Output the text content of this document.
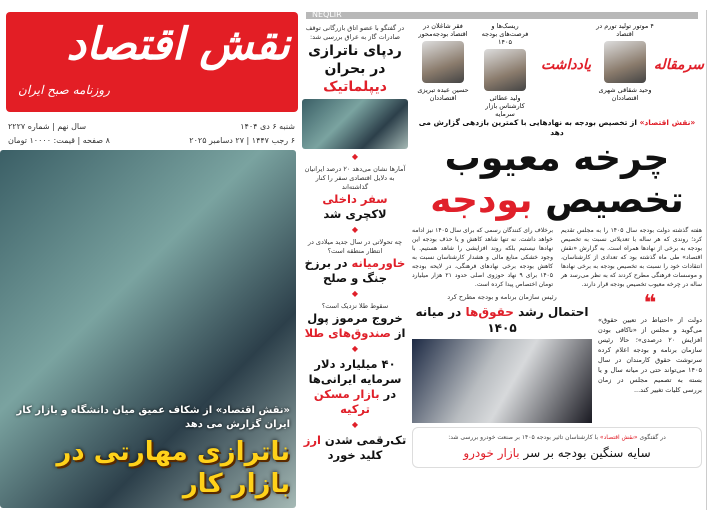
نقش اقتصاد
روزنامه صبح ایران
شنبه ۶ دی ۱۴۰۴
سال نهم | شماره ۲۲۲۷
۶ رجب ۱۴۴۷ | ۲۷ دسامبر ۲۰۲۵
۸ صفحه | قیمت: ۱۰۰۰۰ تومان
«نقش اقتصاد» از شکاف عمیق میان دانشگاه و بازار کار ایران گزارش می دهد
ناترازی مهارتی در بازار کار
NEQLIR
سرمقاله
۴ موتور تولید تورم در اقتصاد
وحید شقاقی شهری
اقتصاددان
یادداشت
ریسک‌ها و فرصت‌های بودجه ۱۴۰۵
ولید عطائی
کارشناس بازار سرمایه
فقر شاغلان در اقتصاد بودجه‌محور
حسین عبده تبریزی
اقتصاددان
در گفتگو با عضو اتاق بازرگانی توقف صادرات گاز به عراق بررسی شد:
ردپای ناترازی
در بحران دیپلماتیک
◆
آمارها نشان می‌دهد ۲۰ درصد ایرانیان به دلایل اقتصادی سفر را کنار گذاشته‌اند
سفر داخلی لاکچری شد
◆
چه تحولاتی در سال جدید میلادی در انتظار منطقه است؟
خاورمیانه در برزخ جنگ و صلح
◆
سقوط طلا نزدیک است؟
خروج مرموز پول از صندوق‌های طلا
◆
۴۰ میلیارد دلار سرمایه ایرانی‌ها در بازار مسکن ترکیه
◆
تک‌رقمی شدن ارز کلید خورد
«نقش اقتصاد» از تخصیص بودجه به نهادهایی با کمترین بازدهی گزارش می دهد
چرخه معیوب
تخصیص بودجه
هفته گذشته دولت بودجه سال ۱۴۰۵ را به مجلس تقدیم کرد؛ روندی که هر ساله با تعدیلاتی نسبت به تخصیص بودجه به برخی از نهادها همراه است. به گزارش «نقش اقتصاد» طی ماه گذشته بود که تعدادی از کارشناسان، انتقادات خود را نسبت به تخصیص بودجه به برخی نهادها و موسسات فرهنگی مطرح کردند که به نظر می‌رسد هر ساله در چرخه معیوب تخصیص بودجه قرار دارند.
برخلاف رای کنندگان رسمی که برای سال ۱۴۰۵ نیز ادامه خواهد داشت. نه تنها شاهد کاهش و یا حذف بودجه این نهادها نیستیم بلکه روند افزایشی را شاهد هستیم. با وجود خشکی منابع مالی و هشدار کارشناسان نسبت به کاهش بودجه برخی نهادهای فرهنگی، در لایحه بودجه ۱۴۰۵ برای ۹ نهاد حوزوی اصلی حدود ۲۱ هزار میلیارد تومان اختصاص پیدا کرده است.
❝
دولت از «احتیاط در تعیین حقوق» می‌گوید و مجلس از «ناکافی بودن افزایش ۲۰ درصدی»؛ حالا رئیس سازمان برنامه و بودجه اعلام کرده سرنوشت حقوق کارمندان در سال ۱۴۰۵ می‌تواند حتی در میانه سال و یا بسته به تصمیم مجلس در زمان بررسی کلیات تغییر کند...
رئیس سازمان برنامه و بودجه مطرح کرد
احتمال رشد حقوق‌ها در میانه ۱۴۰۵
در گفتگوی «نقش اقتصاد» با کارشناسان تاثیر بودجه ۱۴۰۵ بر صنعت خودرو بررسی شد:
سایه سنگین بودجه بر سر بازار خودرو
